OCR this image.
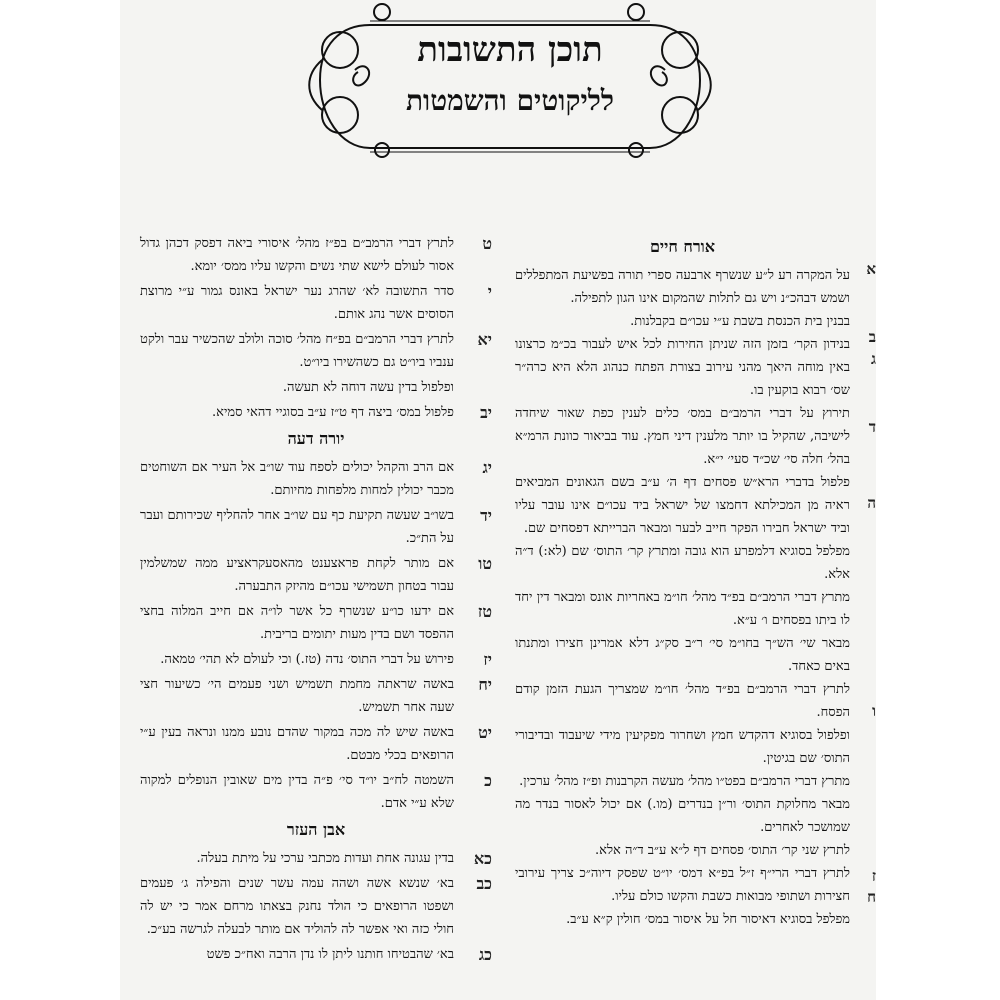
תוכן התשובות
לליקוטים והשמטות
אורח חיים
על המקרה רע ל״ע שנשרף ארבעה ספרי תורה בפשיעת המתפללים ושמש דבהכ״נ ויש גם לתלות שהמקום אינו הגון לתפילה.
בבנין בית הכנסת בשבת ע״י עכו״ם בקבלנות.
בנידון הקר׳ בזמן הזה שניתן החירות לכל איש לעבור בכ״מ כרצונו באין מוחה היאך מהני עירוב בצורת הפתח כנהוג הלא היא כרה״ר שס׳ רבוא בוקעין בו.
תירוץ על דברי הרמב״ם במס׳ כלים לענין כפת שאור שיחדה לישיבה, שהקיל בו יותר מלענין דיני חמץ. עוד בביאור כוונת הרמ״א בהל׳ חלה סי׳ שכ״ד סעי׳ י״א.
פלפול בדברי הרא״ש פסחים דף ה׳ ע״ב בשם הגאונים המביאים ראיה מן המכילתא דחמצו של ישראל ביד עכו״ם אינו עובר עליו וביד ישראל חבירו הפקר חייב לבער ומבאר הברייתא דפסחים שם.
מפלפל בסוגיא דלמפרע הוא גובה ומתרץ קר׳ התוס׳ שם (לא:) ד״ה אלא.
מתרץ דברי הרמב״ם בפ״ד מהל׳ חו״מ באחריות אונס ומבאר דין יחד לו ביתו בפסחים ו׳ ע״א.
מבאר שי׳ הש״ך בחו״מ סי׳ ר״ב סק״ג דלא אמרינן חצירו ומתנתו באים כאחד.
לתרץ דברי הרמב״ם בפ״ד מהל׳ חו״מ שמצריך הגעת הזמן קודם הפסח.
ופלפול בסוגיא דהקדש חמץ ושחרור מפקיעין מידי שיעבוד ובדיבורי התוס׳ שם בגיטין.
מתרץ דברי הרמב״ם בפט״ו מהל׳ מעשה הקרבנות ופ״ז מהל׳ ערכין.
מבאר מחלוקת התוס׳ ור״ן בנדרים (מו.) אם יכול לאסור בנדר מה שמושכר לאחרים.
לתרץ שני קר׳ התוס׳ פסחים דף ל״א ע״ב ד״ה אלא.
לתרץ דברי הרי״ף ז״ל בפ״א דמס׳ יו״ט שפסק דיוה״כ צריך עירובי חצירות ושתופי מבואות כשבת והקשו כולם עליו.
מפלפל בסוגיא דאיסור חל על איסור במס׳ חולין ק״א ע״ב.
א
ב
ג
ד
ה
ו
ז
ח
ט
לתרץ דברי הרמב״ם בפ״ז מהל׳ איסורי ביאה דפסק דכהן גדול אסור לעולם לישא שתי נשים והקשו עליו ממס׳ יומא.
י
סדר התשובה לא׳ שהרג נער ישראל באונס גמור ע״י מרוצת הסוסים אשר נהג אותם.
יא
לתרץ דברי הרמב״ם בפ״ח מהל׳ סוכה ולולב שהכשיר עבר ולקט ענביו ביו״ט גם כשהשירו ביו״ט.
ופלפול בדין עשה דוחה לא תעשה.
יב
פלפול במס׳ ביצה דף ט״ז ע״ב בסוגיי דהאי סמיא.
יורה דעה
יג
אם הרב והקהל יכולים לספח עוד שו״ב אל העיר אם השוחטים מכבר יכולין למחות מלפחות מחיותם.
יד
בשו״ב שעשה תקיעת כף עם שו״ב אחר להחליף שכירותם ועבר על הת״כ.
טו
אם מותר לקחת פראצענט מהאסעקראציע ממה שמשלמין עבור בטחון תשמישי עכו״ם מהיזק התבערה.
טז
אם ידעו כו״ע שנשרף כל אשר לו״ה אם חייב המלוה בחצי ההפסד ושם בדין מעות יתומים בריבית.
יז
פירוש על דברי התוס׳ נדה (טז.) וכי לעולם לא תהי׳ טמאה.
יח
באשה שראתה מחמת תשמיש ושני פעמים הי׳ כשיעור חצי שעה אחר תשמיש.
יט
באשה שיש לה מכה במקור שהדם נובע ממנו ונראה בעין ע״י הרופאים בכלי מבטם.
כ
השמטה לח״ב יו״ד סי׳ פ״ה בדין מים שאובין הנופלים למקוה שלא ע״י אדם.
אבן העזר
כא
בדין עגונה אחת ועדות מכתבי ערכי על מיתת בעלה.
כב
בא׳ שנשא אשה ושהה עמה עשר שנים והפילה ג׳ פעמים ושפטו הרופאים כי הולד נחנק בצאתו מרחם אמר כי יש לה חולי כזה ואי אפשר לה להוליד אם מותר לבעלה לגרשה בע״כ.
כג
בא׳ שהבטיחו חותנו ליתן לו נדן הרבה ואח״כ פשט
